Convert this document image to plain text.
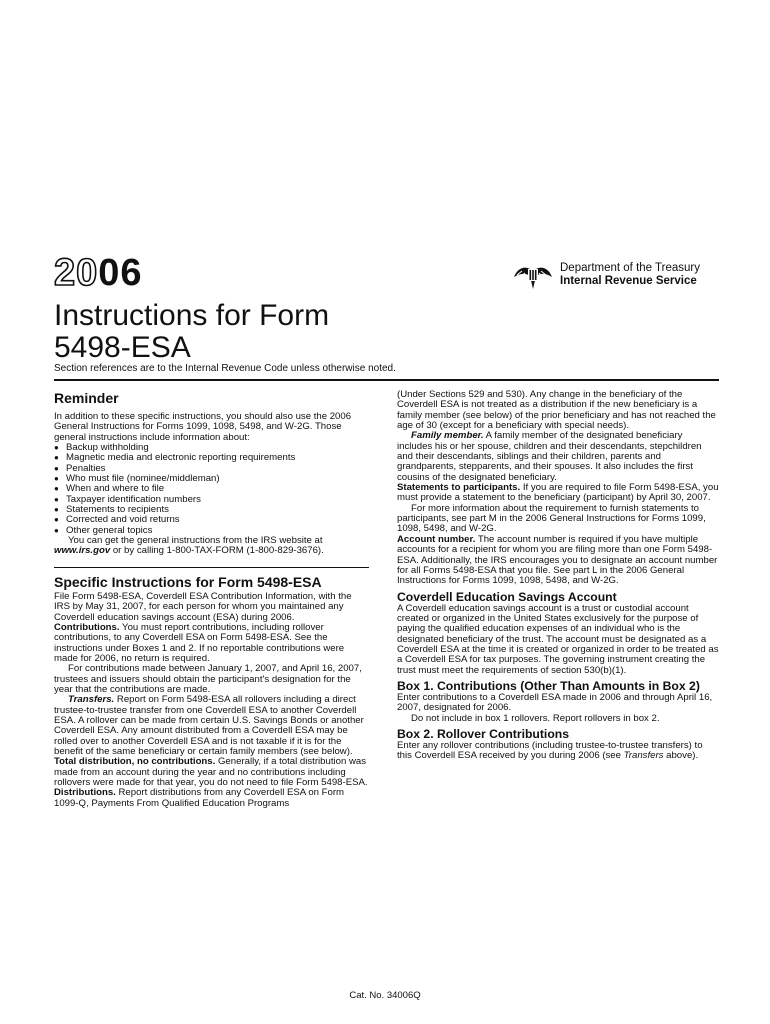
2006	Department of the Treasury
Internal Revenue Service
Instructions for Form
5498-ESA
Section references are to the Internal Revenue Code unless otherwise noted.
Reminder

In addition to these specific instructions, you should also use the 2006 General Instructions for Forms 1099, 1098, 5498, and W-2G. Those general instructions include information about:

● Backup withholding
● Magnetic media and electronic reporting requirements
● Penalties
● Who must file (nominee/middleman)
● When and where to file
● Taxpayer identification numbers
● Statements to recipients
● Corrected and void returns
● Other general topics

You can get the general instructions from the IRS website at www.irs.gov or by calling 1-800-TAX-FORM (1-800-829-3676).

Specific Instructions for Form 5498-ESA

File Form 5498-ESA, Coverdell ESA Contribution Information, with the IRS by May 31, 2007, for each person for whom you maintained any Coverdell education savings account (ESA) during 2006.

Contributions. You must report contributions, including rollover contributions, to any Coverdell ESA on Form 5498-ESA. See the instructions under Boxes 1 and 2. If no reportable contributions were made for 2006, no return is required.

For contributions made between January 1, 2007, and April 16, 2007, trustees and issuers should obtain the participant's designation for the year that the contributions are made.

Transfers. Report on Form 5498-ESA all rollovers including a direct trustee-to-trustee transfer from one Coverdell ESA to another Coverdell ESA. A rollover can be made from certain U.S. Savings Bonds or another Coverdell ESA. Any amount distributed from a Coverdell ESA may be rolled over to another Coverdell ESA and is not taxable if it is for the benefit of the same beneficiary or certain family members (see below).

Total distribution, no contributions. Generally, if a total distribution was made from an account during the year and no contributions including rollovers were made for that year, you do not need to file Form 5498-ESA.

Distributions. Report distributions from any Coverdell ESA on Form 1099-Q, Payments From Qualified Education Programs

(Under Sections 529 and 530). Any change in the beneficiary of the Coverdell ESA is not treated as a distribution if the new beneficiary is a family member (see below) of the prior beneficiary and has not reached the age of 30 (except for a beneficiary with special needs).

Family member. A family member of the designated beneficiary includes his or her spouse, children and their descendants, stepchildren and their descendants, siblings and their children, parents and grandparents, stepparents, and their spouses. It also includes the first cousins of the designated beneficiary.

Statements to participants. If you are required to file Form 5498-ESA, you must provide a statement to the beneficiary (participant) by April 30, 2007.

For more information about the requirement to furnish statements to participants, see part M in the 2006 General Instructions for Forms 1099, 1098, 5498, and W-2G.

Account number. The account number is required if you have multiple accounts for a recipient for whom you are filing more than one Form 5498-ESA. Additionally, the IRS encourages you to designate an account number for all Forms 5498-ESA that you file. See part L in the 2006 General Instructions for Forms 1099, 1098, 5498, and W-2G.

Coverdell Education Savings Account

A Coverdell education savings account is a trust or custodial account created or organized in the United States exclusively for the purpose of paying the qualified education expenses of an individual who is the designated beneficiary of the trust. The account must be designated as a Coverdell ESA at the time it is created or organized in order to be treated as a Coverdell ESA for tax purposes. The governing instrument creating the trust must meet the requirements of section 530(b)(1).

Box 1. Contributions (Other Than Amounts in Box 2)

Enter contributions to a Coverdell ESA made in 2006 and through April 16, 2007, designated for 2006.

Do not include in box 1 rollovers. Report rollovers in box 2.

Box 2. Rollover Contributions

Enter any rollover contributions (including trustee-to-trustee transfers) to this Coverdell ESA received by you during 2006 (see Transfers above).

Cat. No. 34006Q
